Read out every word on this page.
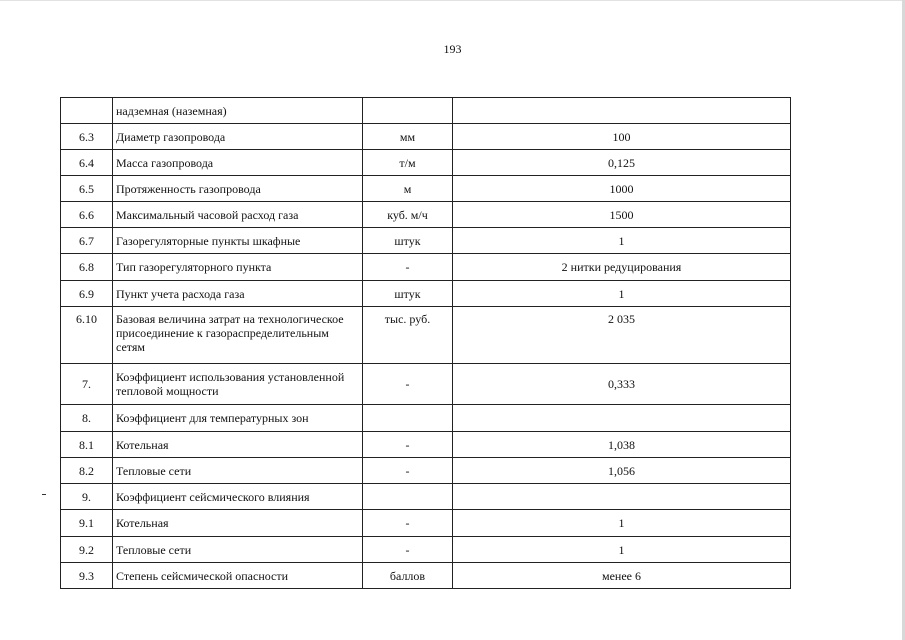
193
	надземная (наземная)		
6.3	Диаметр газопровода	мм	100
6.4	Масса газопровода	т/м	0,125
6.5	Протяженность газопровода	м	1000
6.6	Максимальный часовой расход газа	куб. м/ч	1500
6.7	Газорегуляторные пункты шкафные	штук	1
6.8	Тип газорегуляторного пункта	-	2 нитки редуцирования
6.9	Пункт учета расхода газа	штук	1
6.10	Базовая величина затрат на технологическое присоединение к газораспределительным сетям	тыс. руб.	2 035
7.	Коэффициент использования установленной тепловой мощности	-	0,333
8.	Коэффициент для температурных зон		
8.1	Котельная	-	1,038
8.2	Тепловые сети	-	1,056
9.	Коэффициент сейсмического влияния		
9.1	Котельная	-	1
9.2	Тепловые сети	-	1
9.3	Степень сейсмической опасности	баллов	менее 6
